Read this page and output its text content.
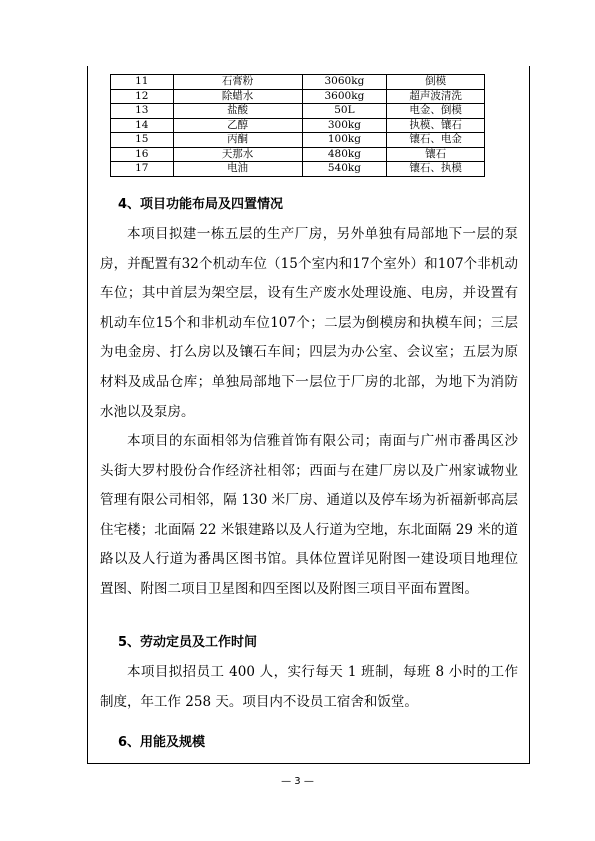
11	石膏粉	3060kg	倒模
12	除蜡水	3600kg	超声波清洗
13	盐酸	50L	电金、倒模
14	乙醇	300kg	执模、镶石
15	丙酮	100kg	镶石、电金
16	天那水	480kg	镶石
17	电油	540kg	镶石、执模
4、项目功能布局及四置情况

本项目拟建一栋五层的生产厂房，另外单独有局部地下一层的泵房，并配置有32个机动车位（15个室内和17个室外）和107个非机动车位；其中首层为架空层，设有生产废水处理设施、电房，并设置有机动车位15个和非机动车位107个；二层为倒模房和执模车间；三层为电金房、打么房以及镶石车间；四层为办公室、会议室；五层为原材料及成品仓库；单独局部地下一层位于厂房的北部，为地下为消防水池以及泵房。

本项目的东面相邻为信雅首饰有限公司；南面与广州市番禺区沙头街大罗村股份合作经济社相邻；西面与在建厂房以及广州家诚物业管理有限公司相邻，隔 130 米厂房、通道以及停车场为祈福新邨高层住宅楼；北面隔 22 米银建路以及人行道为空地，东北面隔 29 米的道路以及人行道为番禺区图书馆。具体位置详见附图一建设项目地理位置图、附图二项目卫星图和四至图以及附图三项目平面布置图。

5、劳动定员及工作时间

本项目拟招员工 400 人，实行每天 1 班制，每班 8 小时的工作制度，年工作 258 天。项目内不设员工宿舍和饭堂。

6、用能及规模
— 3 —
